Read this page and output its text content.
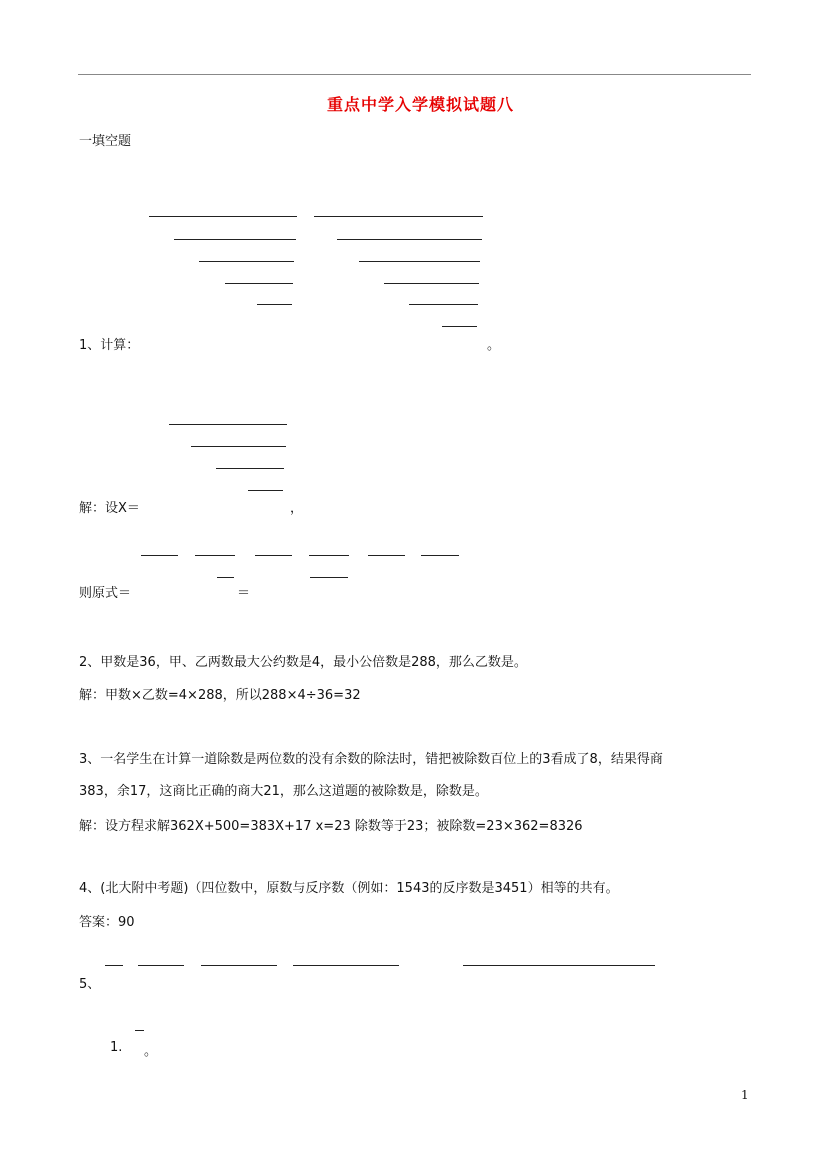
重点中学入学模拟试题八
一填空题
1、计算：	。
解：设X＝	，
则原式＝	＝
2、甲数是36，甲、乙两数最大公约数是4，最小公倍数是288，那么乙数是。
解：甲数×乙数=4×288，所以288×4÷36=32
3、一名学生在计算一道除数是两位数的没有余数的除法时，错把被除数百位上的3看成了8，结果得商
383，余17，这商比正确的商大21，那么这道题的被除数是，除数是。
解：设方程求解362X+500=383X+17 x=23 除数等于23；被除数=23×362=8326
4、(北大附中考题)（四位数中，原数与反序数（例如：1543的反序数是3451）相等的共有。
答案：90
5、
1. 。
1
